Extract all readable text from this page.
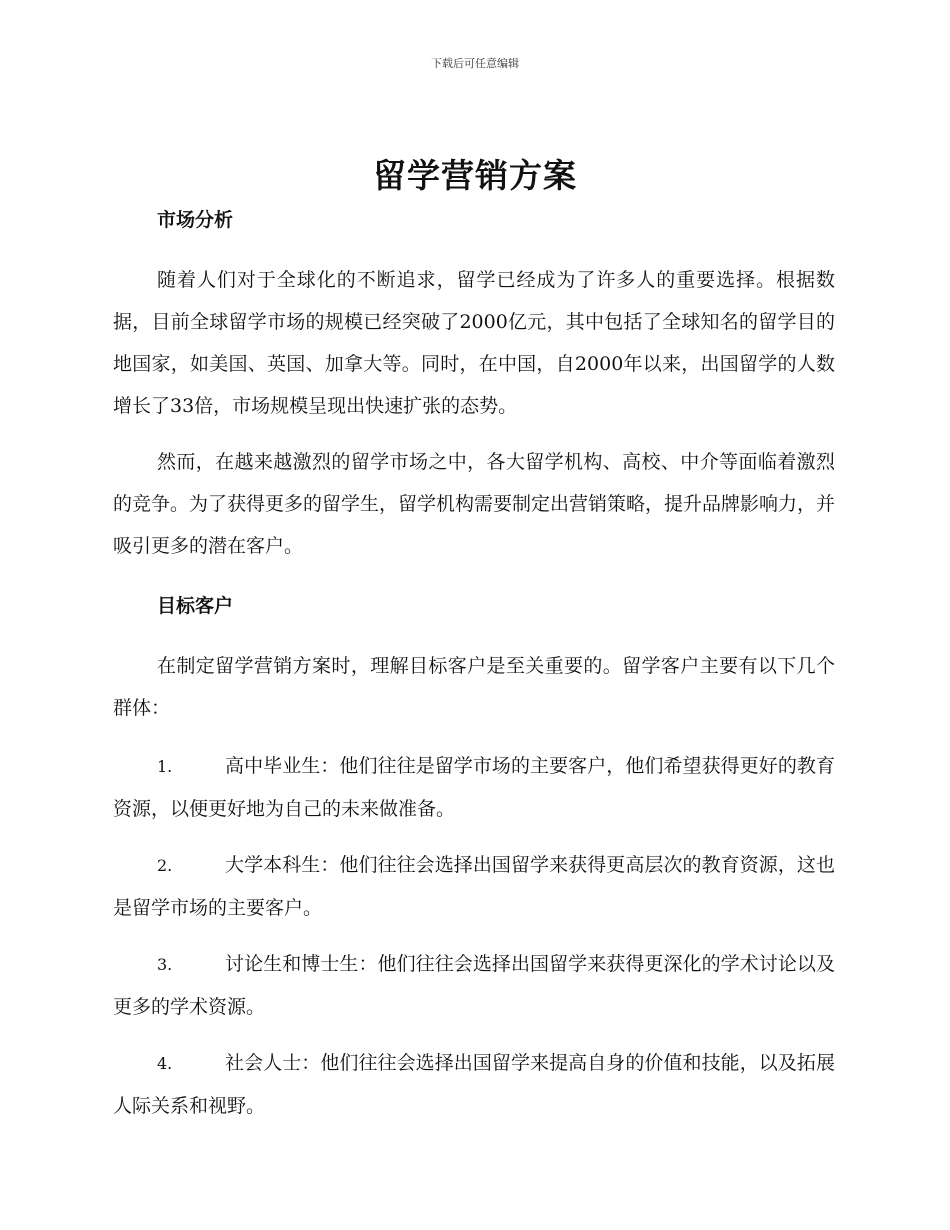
下载后可任意编辑
留学营销方案
市场分析

随着人们对于全球化的不断追求，留学已经成为了许多人的重要选择。根据数据，目前全球留学市场的规模已经突破了2000亿元，其中包括了全球知名的留学目的地国家，如美国、英国、加拿大等。同时，在中国，自2000年以来，出国留学的人数增长了33倍，市场规模呈现出快速扩张的态势。

然而，在越来越激烈的留学市场之中，各大留学机构、高校、中介等面临着激烈的竞争。为了获得更多的留学生，留学机构需要制定出营销策略，提升品牌影响力，并吸引更多的潜在客户。

目标客户

在制定留学营销方案时，理解目标客户是至关重要的。留学客户主要有以下几个群体：

1.	高中毕业生：他们往往是留学市场的主要客户，他们希望获得更好的教育资源，以便更好地为自己的未来做准备。

2.	大学本科生：他们往往会选择出国留学来获得更高层次的教育资源，这也是留学市场的主要客户。

3.	讨论生和博士生：他们往往会选择出国留学来获得更深化的学术讨论以及更多的学术资源。

4.	社会人士：他们往往会选择出国留学来提高自身的价值和技能，以及拓展人际关系和视野。
